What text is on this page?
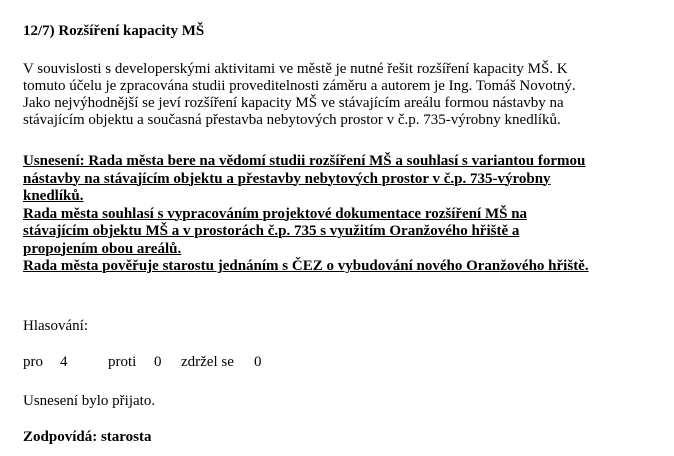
12/7) Rozšíření kapacity MŠ
V souvislosti s developerskými aktivitami ve městě je nutné řešit rozšíření kapacity MŠ. K
tomuto účelu je zpracována studii proveditelnosti záměru a autorem je Ing. Tomáš Novotný.
Jako nejvýhodnější se jeví rozšíření kapacity MŠ ve stávajícím areálu formou nástavby na
stávajícím objektu a současná přestavba nebytových prostor v č.p. 735-výrobny knedlíků.
Usnesení: Rada města bere na vědomí studii rozšíření MŠ a souhlasí s variantou formou
nástavby na stávajícím objektu a přestavby nebytových prostor v č.p. 735-výrobny
knedlíků.
Rada města souhlasí s vypracováním projektové dokumentace rozšíření MŠ na
stávajícím objektu MŠ a v prostorách č.p. 735 s využitím Oranžového hřiště a
propojením obou areálů.
Rada města pověřuje starostu jednáním s ČEZ o vybudování nového Oranžového hřiště.
Hlasování:
pro 4	proti 0 zdržel se 0
Usnesení bylo přijato.
Zodpovídá: starosta
